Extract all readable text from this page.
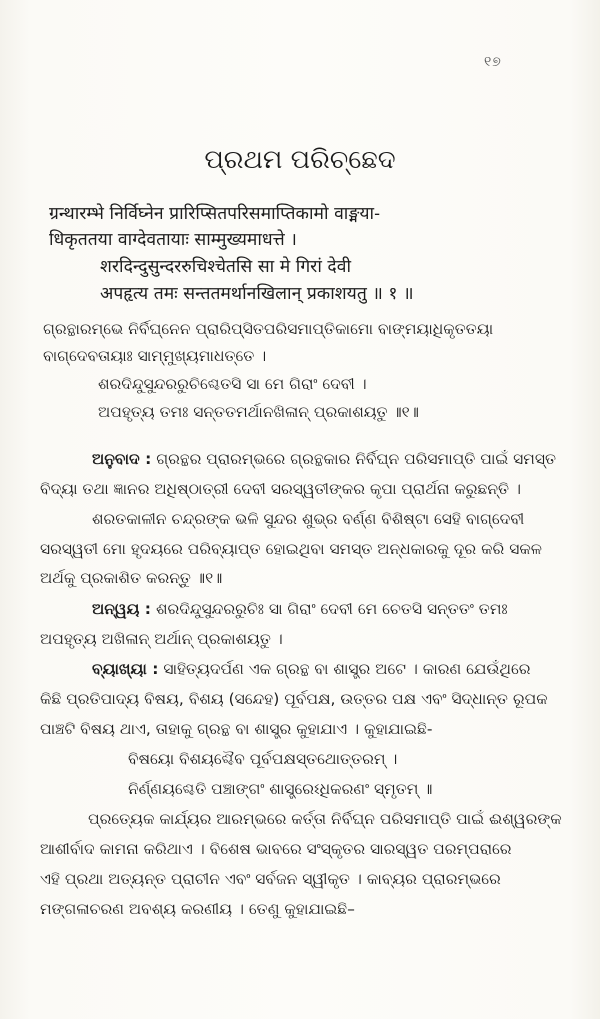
୧୭
ପ୍ରଥମ ପରିଚ୍ଛେଦ
ग्रन्थारम्भे निर्विघ्नेन प्रारिप्सितपरिसमाप्तिकामो वाङ्मया-
धिकृततया वाग्देवतायाः साम्मुख्यमाधत्ते ।
शरदिन्दुसुन्दररुचिश्चेतसि सा मे गिरां देवी
अपहृत्य तमः सन्ततमर्थानखिलान् प्रकाशयतु ॥ १ ॥
ଗ୍ରନ୍ଥାରମ୍ଭେ ନିର୍ବିଘ୍ନେନ ପ୍ରାରିପ୍ସିତପରିସମାପ୍ତିକାମୋ ବାଙ୍ମୟାଧିକୃତତୟା
ବାଗ୍‌ଦେବତାୟାଃ ସାମ୍ମୁଖ୍ୟମାଧତ୍ତେ ।
ଶରଦିନ୍ଦୁସୁନ୍ଦରରୁଚିଶ୍ଚେତସି ସା ମେ ଗିରାଂ ଦେବୀ ।
ଅପହୃତ୍ୟ ତମଃ ସନ୍ତତମର୍ଥାନଖିଳାନ୍ ପ୍ରକାଶୟତୁ ॥୧॥
ଅନୁବାଦ : ଗ୍ରନ୍ଥର ପ୍ରାରମ୍ଭରେ ଗ୍ରନ୍ଥକାର ନିର୍ବିଘ୍ନ ପରିସମାପ୍ତି ପାଇଁ ସମସ୍ତ
ବିଦ୍ୟା ତଥା ଜ୍ଞାନର ଅଧିଷ୍ଠାତ୍ରୀ ଦେବୀ ସରସ୍ୱତୀଙ୍କର କୃପା ପ୍ରାର୍ଥନା କରୁଛନ୍ତି ।
ଶରତକାଳୀନ ଚନ୍ଦ୍ରଙ୍କ ଭଳି ସୁନ୍ଦର ଶୁଭ୍ର ବର୍ଣ୍ଣ ବିଶିଷ୍ଟା ସେହି ବାଗ୍‌ଦେବୀ
ସରସ୍ୱତୀ ମୋ ହୃଦୟରେ ପରିବ୍ୟାପ୍ତ ହୋଇଥିବା ସମସ୍ତ ଅନ୍ଧକାରକୁ ଦୂର କରି ସକଳ
ଅର୍ଥକୁ ପ୍ରକାଶିତ କରନ୍ତୁ ॥୧॥
ଅନ୍ୱୟ : ଶରଦିନ୍ଦୁସୁନ୍ଦରରୁଚିଃ ସା ଗିରାଂ ଦେବୀ ମେ ଚେତସି ସନ୍ତତଂ ତମଃ
ଅପହୃତ୍ୟ ଅଖିଳାନ୍ ଅର୍ଥାନ୍ ପ୍ରକାଶୟତୁ ।
ବ୍ୟାଖ୍ୟା : ସାହିତ୍ୟଦର୍ପଣ ଏକ ଗ୍ରନ୍ଥ ବା ଶାସ୍ତ୍ର ଅଟେ । କାରଣ ଯେଉଁଥିରେ
କିଛି ପ୍ରତିପାଦ୍ୟ ବିଷୟ, ବିଶୟ (ସନ୍ଦେହ) ପୂର୍ବପକ୍ଷ, ଉତ୍ତର ପକ୍ଷ ଏବଂ ସିଦ୍ଧାନ୍ତ ରୂପକ
ପାଞ୍ଚଟି ବିଷୟ ଥାଏ, ତାହାକୁ ଗ୍ରନ୍ଥ ବା ଶାସ୍ତ୍ର କୁହାଯାଏ । କୁହାଯାଇଛି-
ବିଷୟୋ ବିଶୟଶ୍ଚୈବ ପୂର୍ବପକ୍ଷସ୍ତଥୋତ୍ତରମ୍ ।
ନିର୍ଣ୍ଣୟଶ୍ଚେତି ପଞ୍ଚାଙ୍ଗଂ ଶାସ୍ତ୍ରେଽଧିକରଣଂ ସ୍ମୃତମ୍ ॥
ପ୍ରତ୍ୟେକ କାର୍ଯ୍ୟର ଆରମ୍ଭରେ କର୍ତ୍ତା ନିର୍ବିଘ୍ନ ପରିସମାପ୍ତି ପାଇଁ ଈଶ୍ୱରଙ୍କ
ଆଶୀର୍ବାଦ କାମନା କରିଥାଏ । ବିଶେଷ ଭାବରେ ସଂସ୍କୃତର ସାରସ୍ୱତ ପରମ୍ପରାରେ
ଏହି ପ୍ରଥା ଅତ୍ୟନ୍ତ ପ୍ରାଚୀନ ଏବଂ ସର୍ବଜନ ସ୍ୱୀକୃତ । କାବ୍ୟର ପ୍ରାରମ୍ଭରେ
ମଙ୍ଗଳାଚରଣ ଅବଶ୍ୟ କରଣୀୟ । ତେଣୁ କୁହାଯାଇଛି–
